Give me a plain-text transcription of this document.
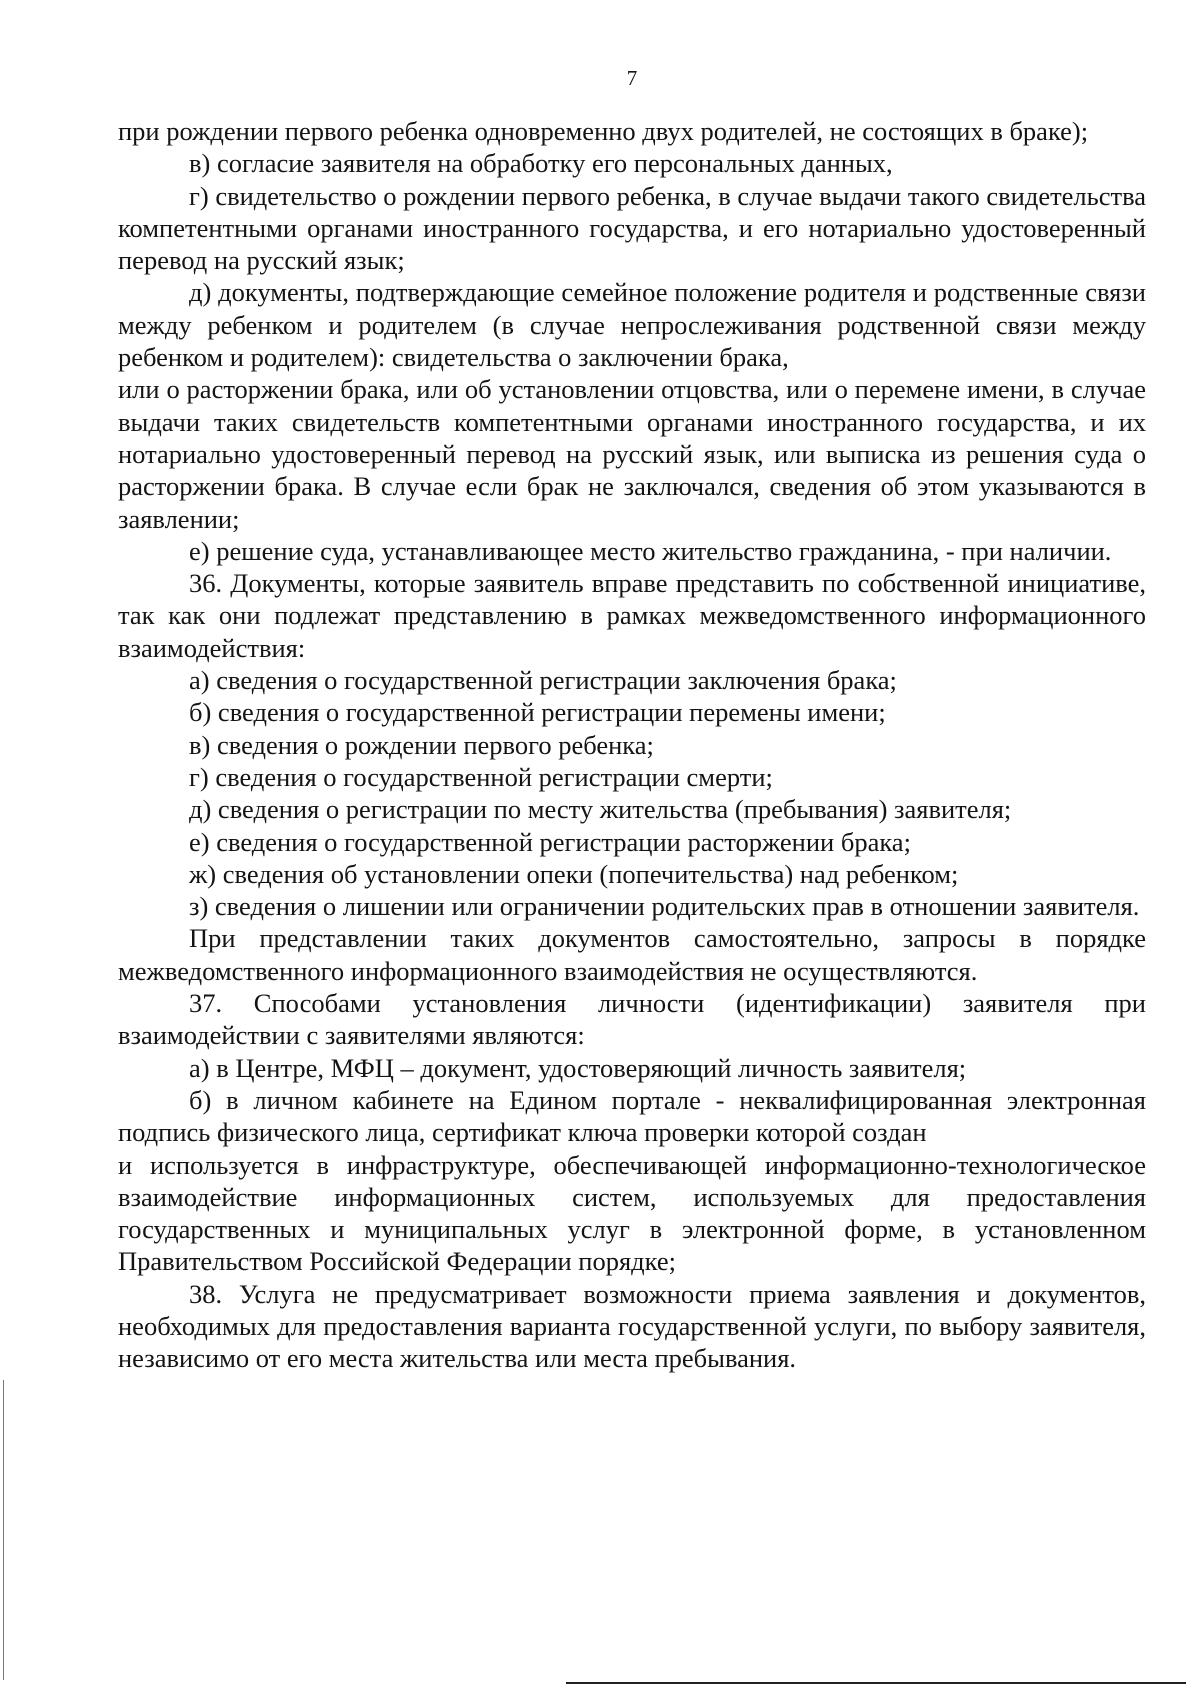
7

при рождении первого ребенка одновременно двух родителей, не состоящих в браке);

в) согласие заявителя на обработку его персональных данных,

г) свидетельство о рождении первого ребенка, в случае выдачи такого свидетельства компетентными органами иностранного государства, и его нотариально удостоверенный перевод на русский язык;

д) документы, подтверждающие семейное положение родителя и родственные связи между ребенком и родителем (в случае непрослеживания родственной связи между ребенком и родителем): свидетельства о заключении брака,

или о расторжении брака, или об установлении отцовства, или о перемене имени, в случае выдачи таких свидетельств компетентными органами иностранного государства, и их нотариально удостоверенный перевод на русский язык, или выписка из решения суда о расторжении брака. В случае если брак не заключался, сведения об этом указываются в заявлении;

е) решение суда, устанавливающее место жительство гражданина, - при наличии.

36. Документы, которые заявитель вправе представить по собственной инициативе, так как они подлежат представлению в рамках межведомственного информационного взаимодействия:

а) сведения о государственной регистрации заключения брака;

б) сведения о государственной регистрации перемены имени;

в) сведения о рождении первого ребенка;

г) сведения о государственной регистрации смерти;

д) сведения о регистрации по месту жительства (пребывания) заявителя;

е) сведения о государственной регистрации расторжении брака;

ж) сведения об установлении опеки (попечительства) над ребенком;

з) сведения о лишении или ограничении родительских прав в отношении заявителя.

При представлении таких документов самостоятельно, запросы в порядке межведомственного информационного взаимодействия не осуществляются.

37. Способами установления личности (идентификации) заявителя при взаимодействии с заявителями являются:

а) в Центре, МФЦ – документ, удостоверяющий личность заявителя;

б) в личном кабинете на Едином портале - неквалифицированная электронная подпись физического лица, сертификат ключа проверки которой создан

и используется в инфраструктуре, обеспечивающей информационно-технологическое взаимодействие информационных систем, используемых для предоставления государственных и муниципальных услуг в электронной форме, в установленном Правительством Российской Федерации порядке;

38. Услуга не предусматривает возможности приема заявления и документов, необходимых для предоставления варианта государственной услуги, по выбору заявителя, независимо от его места жительства или места пребывания.
